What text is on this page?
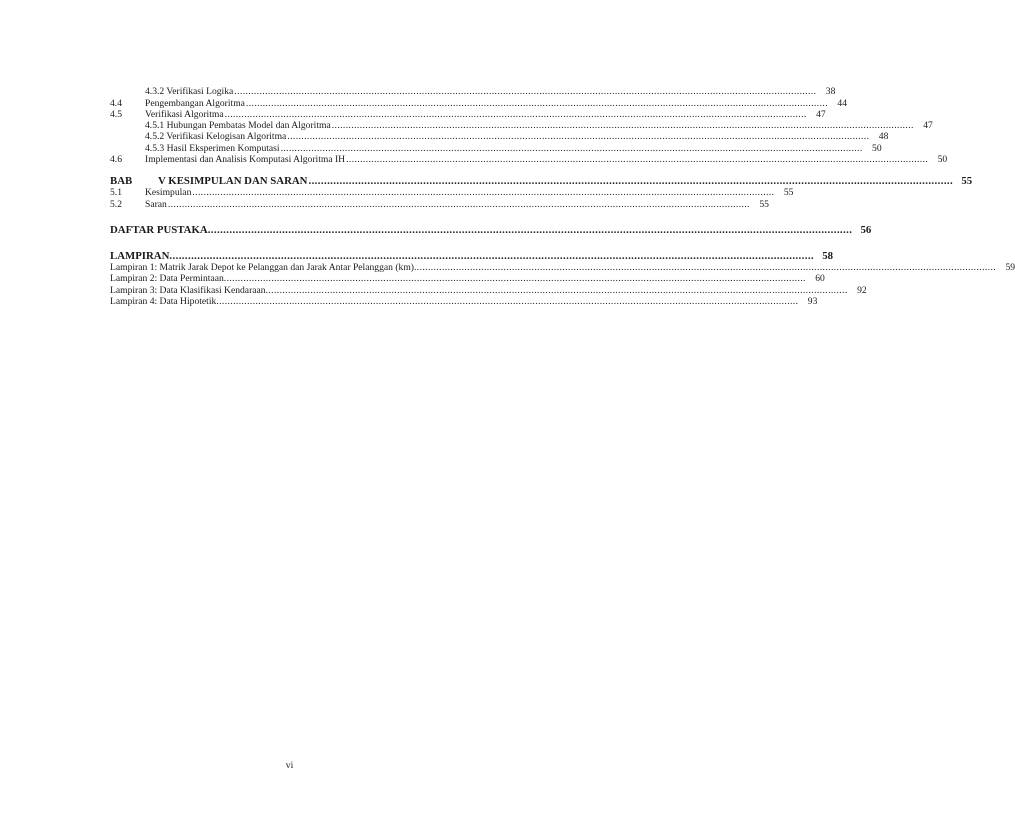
4.3.2 Verifikasi Logika .....	38
4.4	Pengembangan Algoritma .....	44
4.5	Verifikasi Algoritma .....	47
4.5.1 Hubungan Pembatas Model dan Algoritma .....	47
4.5.2 Verifikasi Kelogisan Algoritma .....	48
4.5.3 Hasil Eksperimen Komputasi .....	50
4.6	Implementasi dan Analisis Komputasi Algoritma IH .....	50
BAB	V KESIMPULAN DAN SARAN .....	55
5.1	Kesimpulan .....	55
5.2	Saran .....	55
DAFTAR PUSTAKA .....	56
LAMPIRAN .....	58
Lampiran 1: Matrik Jarak Depot ke Pelanggan dan Jarak Antar Pelanggan (km) .....	59
Lampiran 2: Data Permintaan .....	60
Lampiran 3: Data Klasifikasi Kendaraan .....	92
Lampiran 4: Data Hipotetik .....	93
vi
